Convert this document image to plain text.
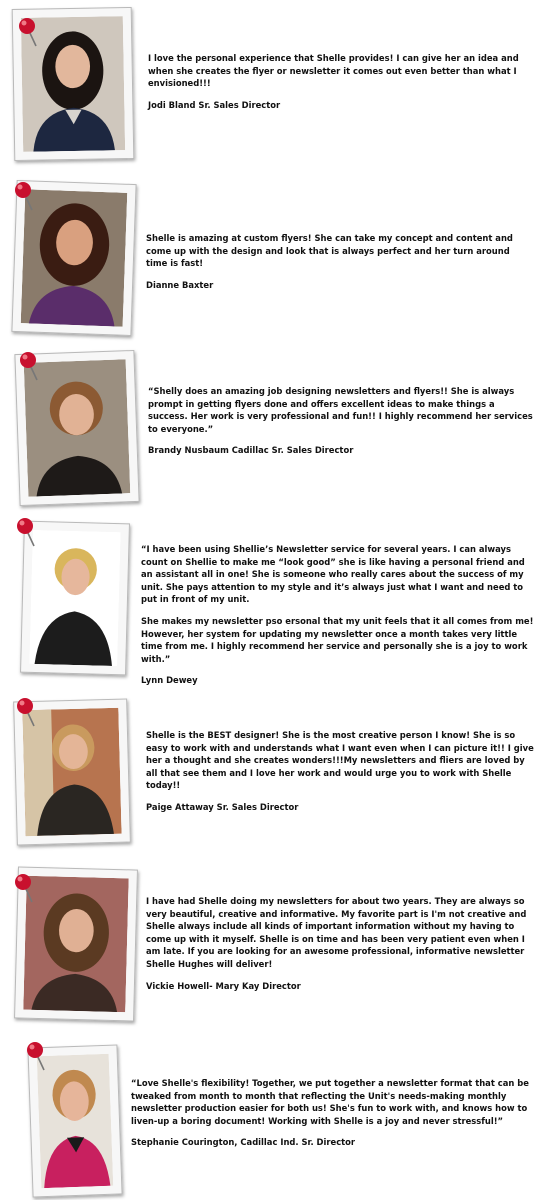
I love the personal experience that Shelle provides! I can give her an idea and when she creates the flyer or newsletter it comes out even better than what I envisioned!!!

Jodi Bland Sr. Sales Director

Shelle is amazing at custom flyers! She can take my concept and content and come up with the design and look that is always perfect and her turn around time is fast!

Dianne Baxter

“Shelly does an amazing job designing newsletters and flyers!! She is always prompt in getting flyers done and offers excellent ideas to make things a success. Her work is very professional and fun!! I highly recommend her services to everyone.”

Brandy Nusbaum Cadillac Sr. Sales Director

“I have been using Shellie’s Newsletter service for several years. I can always count on Shellie to make me “look good” she is like having a personal friend and an assistant all in one! She is someone who really cares about the success of my unit. She pays attention to my style and it’s always just what I want and need to put in front of my unit.

She makes my newsletter pso ersonal that my unit feels that it all comes from me! However, her system for updating my newsletter once a month takes very little time from me. I highly recommend her service and personally she is a joy to work with.”

Lynn Dewey

Shelle is the BEST designer! She is the most creative person I know! She is so easy to work with and understands what I want even when I can picture it!! I give her a thought and she creates wonders!!!My newsletters and fliers are loved by all that see them and I love her work and would urge you to work with Shelle today!!

Paige Attaway Sr. Sales Director

I have had Shelle doing my newsletters for about two years. They are always so very beautiful, creative and informative. My favorite part is I'm not creative and Shelle always include all kinds of important information without my having to come up with it myself. Shelle is on time and has been very patient even when I am late. If you are looking for an awesome professional, informative newsletter Shelle Hughes will deliver!

Vickie Howell- Mary Kay Director

“Love Shelle's flexibility! Together, we put together a newsletter format that can be tweaked from month to month that reflecting the Unit's needs-making monthly newsletter production easier for both us! She's fun to work with, and knows how to liven-up a boring document! Working with Shelle is a joy and never stressful!”

Stephanie Courington, Cadillac Ind. Sr. Director
